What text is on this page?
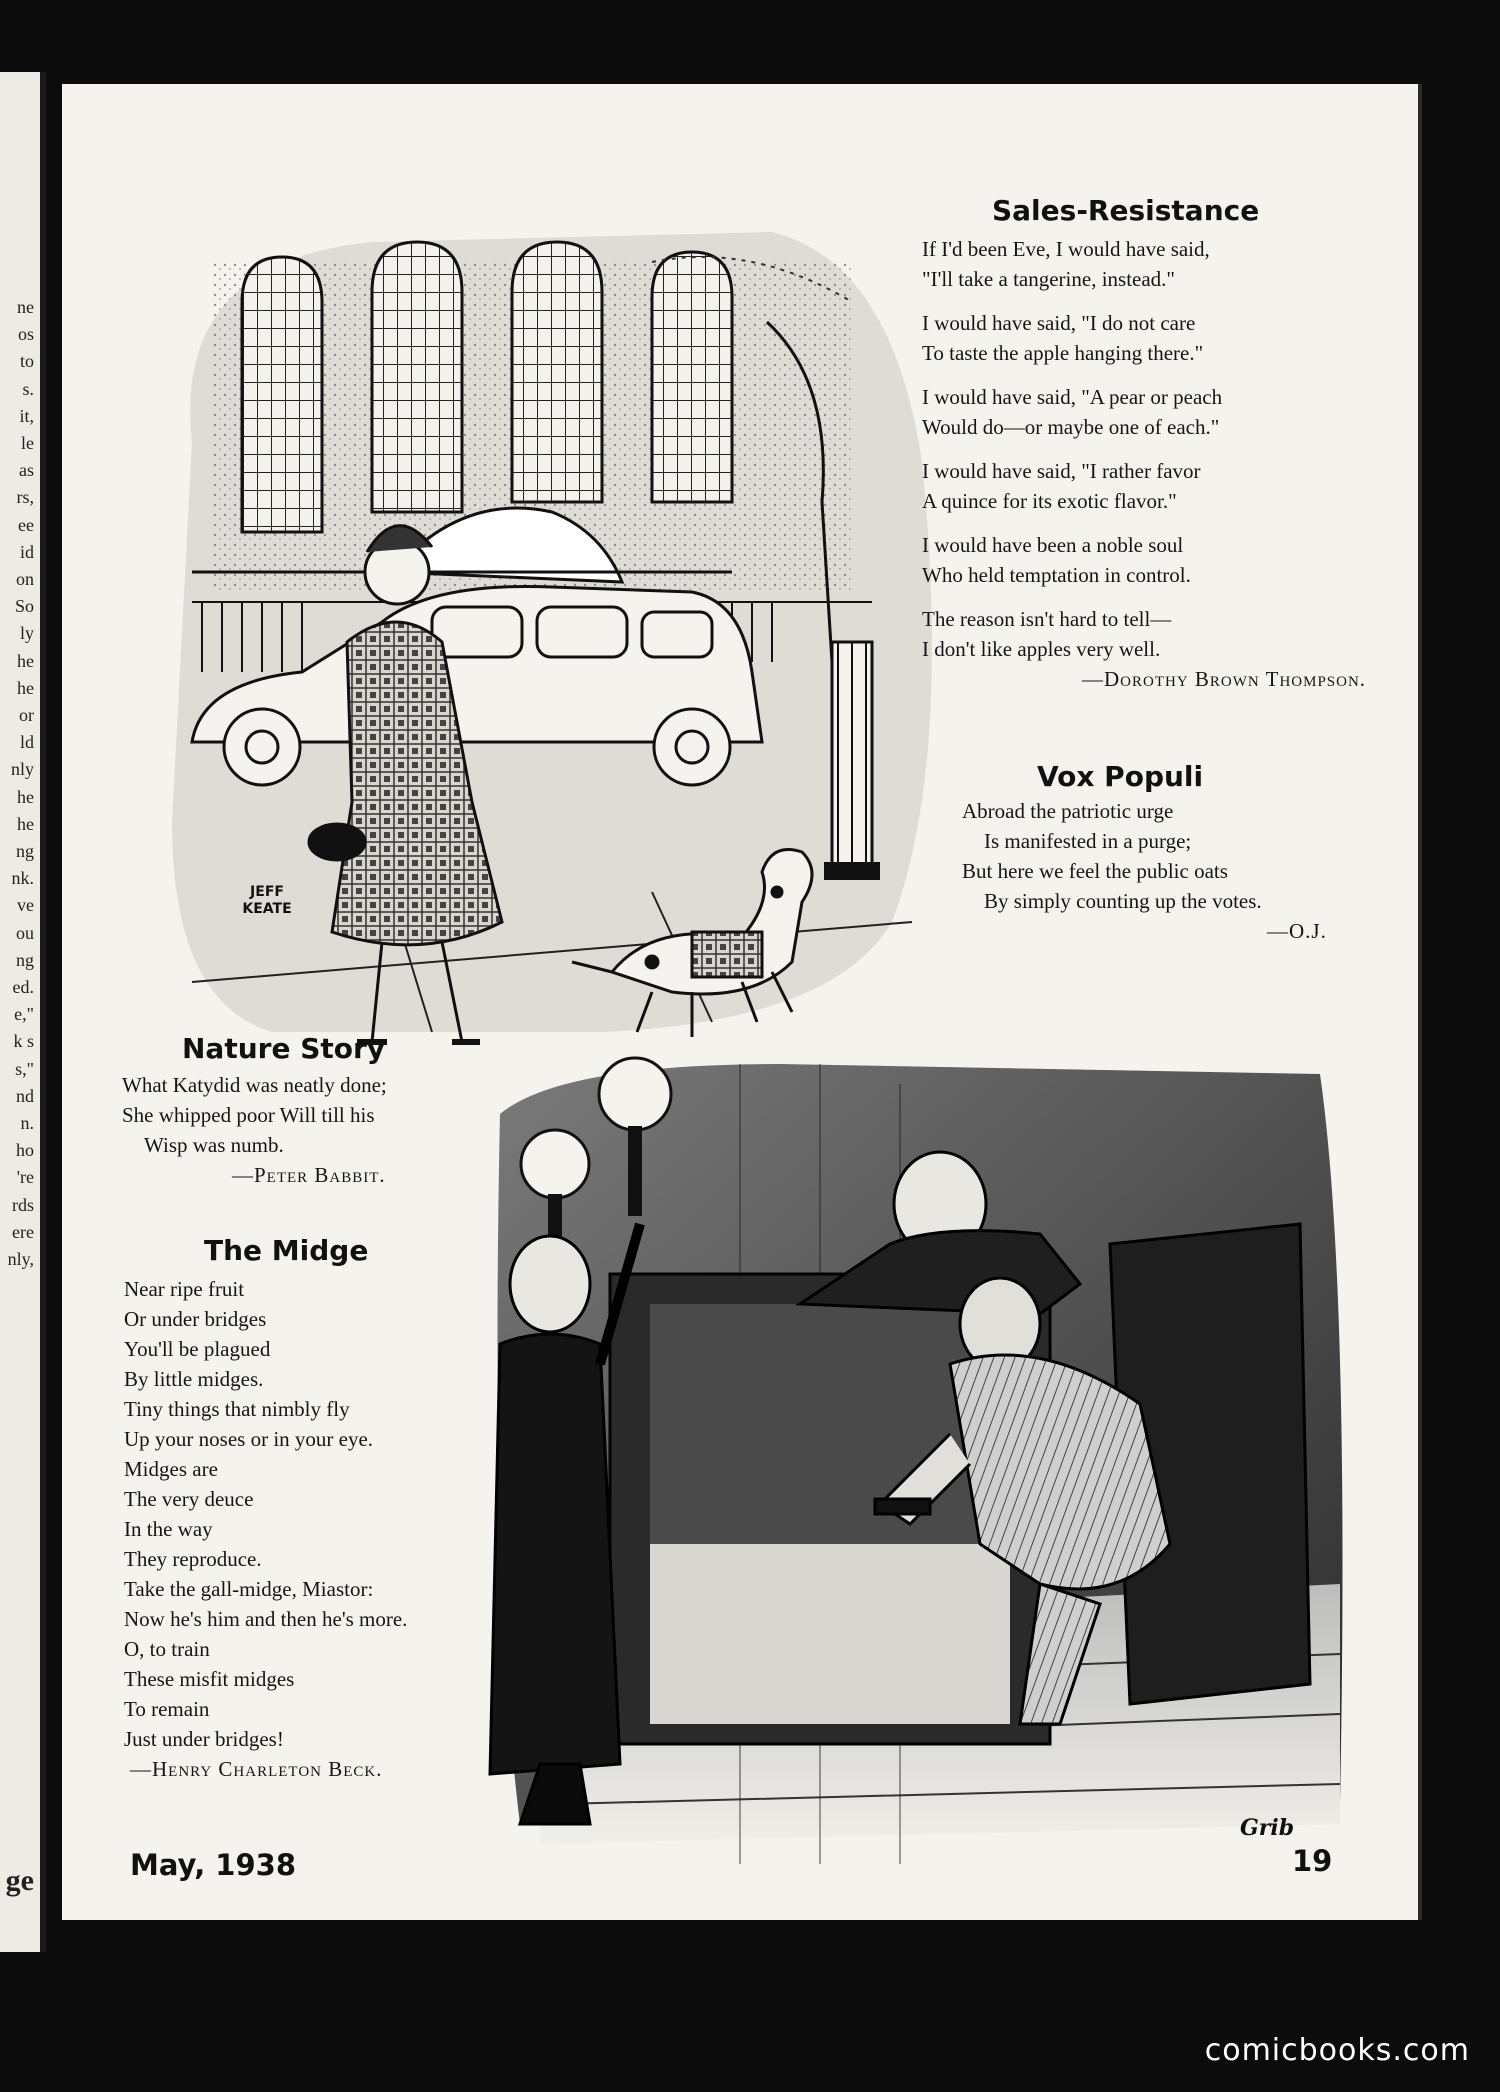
ne
os
to
s.
it,
le
as
rs,
ee
id
on
So
ly
he
he
or
ld
nly
he
he
ng
nk.
ve
ou
ng
ed.
e,"
k s
s,"
nd
n.
ho
're
rds
ere
nly,
ge
JEFF KEATE
Sales-Resistance
If I'd been Eve, I would have said,
"I'll take a tangerine, instead."
I would have said, "I do not care
To taste the apple hanging there."
I would have said, "A pear or peach
Would do—or maybe one of each."
I would have said, "I rather favor
A quince for its exotic flavor."
I would have been a noble soul
Who held temptation in control.
The reason isn't hard to tell—
I don't like apples very well.
—Dorothy Brown Thompson.
Vox Populi
Abroad the patriotic urge
Is manifested in a purge;
But here we feel the public oats
By simply counting up the votes.
—O.J.
Grib
Nature Story
What Katydid was neatly done;
She whipped poor Will till his
Wisp was numb.
—Peter Babbit.
The Midge
Near ripe fruit
Or under bridges
You'll be plagued
By little midges.
Tiny things that nimbly fly
Up your noses or in your eye.
Midges are
The very deuce
In the way
They reproduce.
Take the gall-midge, Miastor:
Now he's him and then he's more.
O, to train
These misfit midges
To remain
Just under bridges!
—Henry Charleton Beck.
May, 1938	19
comicbooks.com
